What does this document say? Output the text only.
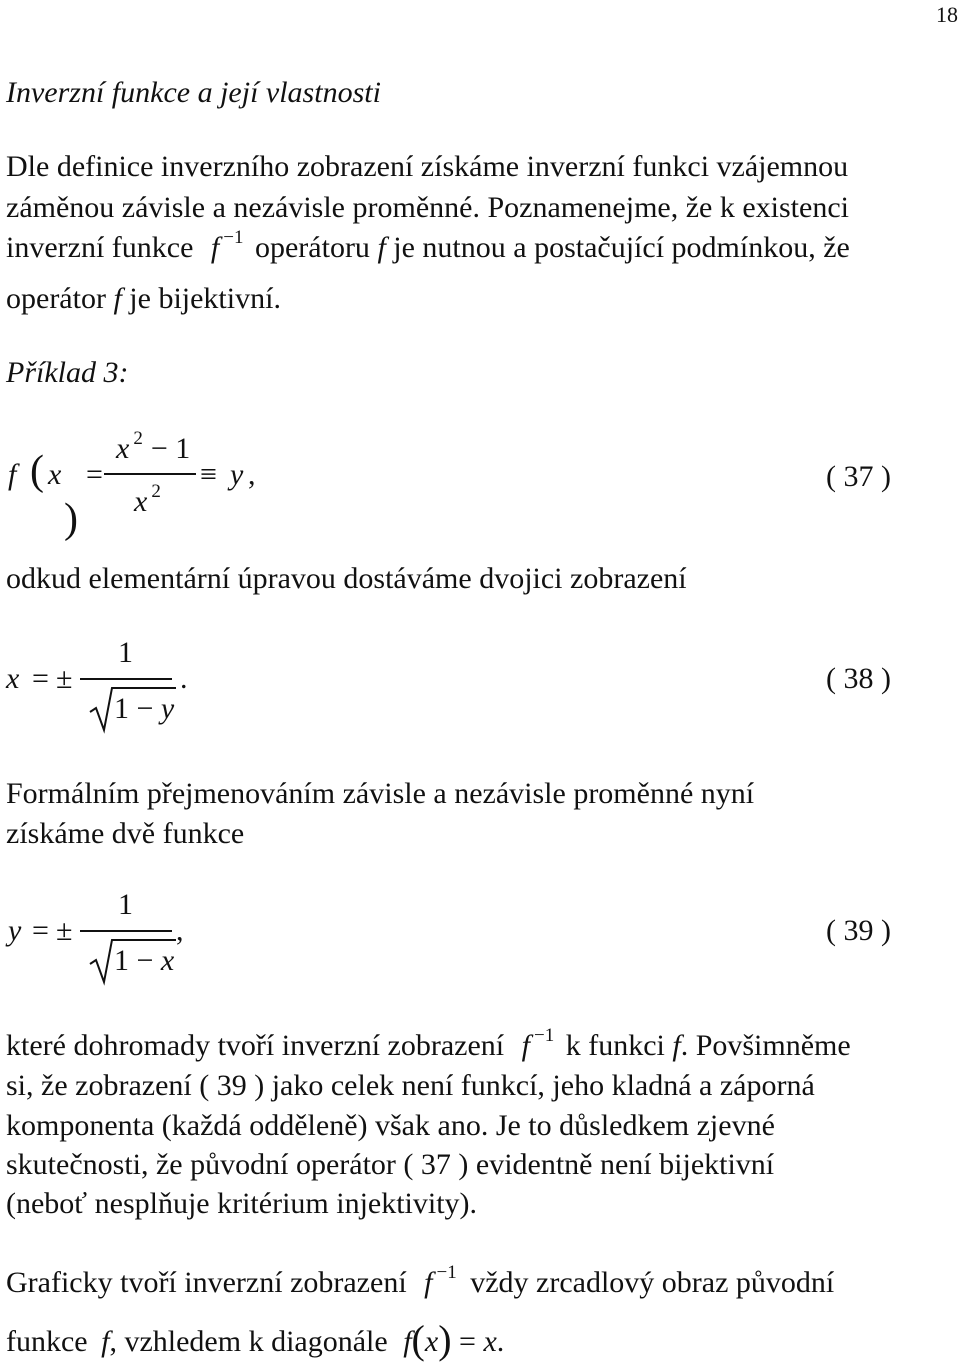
18
Inverzní funkce a její vlastnosti
Dle definice inverzního zobrazení získáme inverzní funkci vzájemnou
záměnou závisle a nezávisle proměnné. Poznamenejme, že k existenci
inverzní funkce f $^{-1}$ operátoru f je nutnou a postačující podmínkou, že
operátor f je bijektivní.
Příklad 3:
f ( x
)
=
x $^2$ − 1
x $^2$
≡ y ,	( 37 )
odkud elementární úpravou dostáváme dvojici zobrazení
x = ±
1
1 − y
.	( 38 )
Formálním přejmenováním závisle a nezávisle proměnné nyní
získáme dvě funkce
y = ±
1
1 − x
,	( 39 )
které dohromady tvoří inverzní zobrazení f $^{-1}$ k funkci f. Povšimněme
si, že zobrazení ( 39 ) jako celek není funkcí, jeho kladná a záporná
komponenta (každá odděleně) však ano. Je to důsledkem zjevné
skutečnosti, že původní operátor ( 37 ) evidentně není bijektivní
(neboť nesplňuje kritérium injektivity).
Graficky tvoří inverzní zobrazení f $^{-1}$ vždy zrcadlový obraz původní
funkce f, vzhledem k diagonále f(x) = x.
